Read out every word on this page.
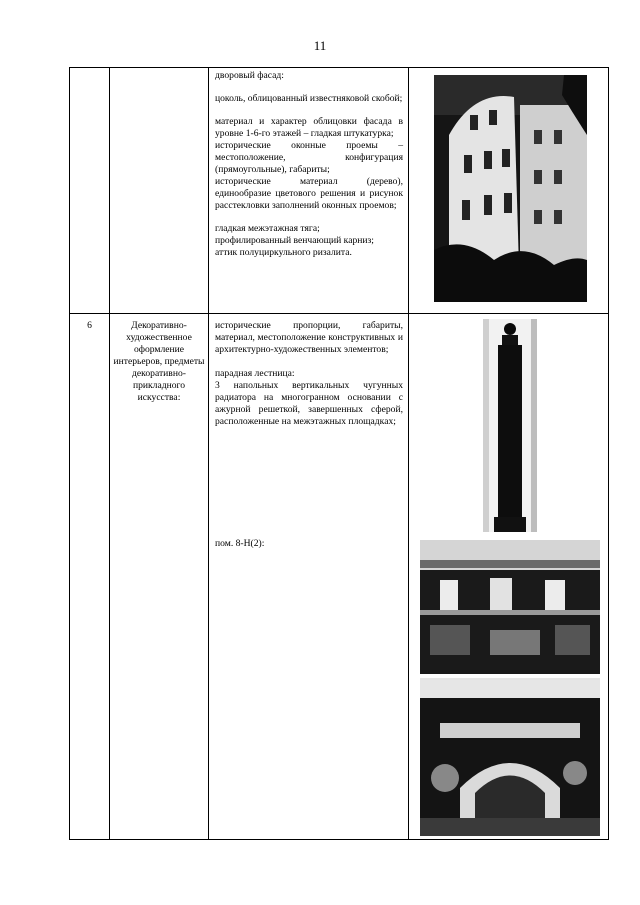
11
дворовый фасад:
цоколь, облицованный известняковой скобой;
материал и характер облицовки фасада в уровне 1-6-го этажей – гладкая штукатурка;
исторические оконные проемы – местоположение, конфигурация (прямоугольные), габариты;
исторические материал (дерево), единообразие цветового решения и рисунок расстекловки заполнений оконных проемов;
гладкая межэтажная тяга;
профилированный венчающий карниз;
аттик полуциркульного ризалита.
6	Декоративно-художественное оформление интерьеров, предметы декоративно-прикладного искусства:
исторические пропорции, габариты, материал, местоположение конструктивных и архитектурно-художественных элементов;
парадная лестница:
3 напольных вертикальных чугунных радиатора на многогранном основании с ажурной решеткой, завершенных сферой, расположенные на межэтажных площадках;
пом. 8-Н(2):
